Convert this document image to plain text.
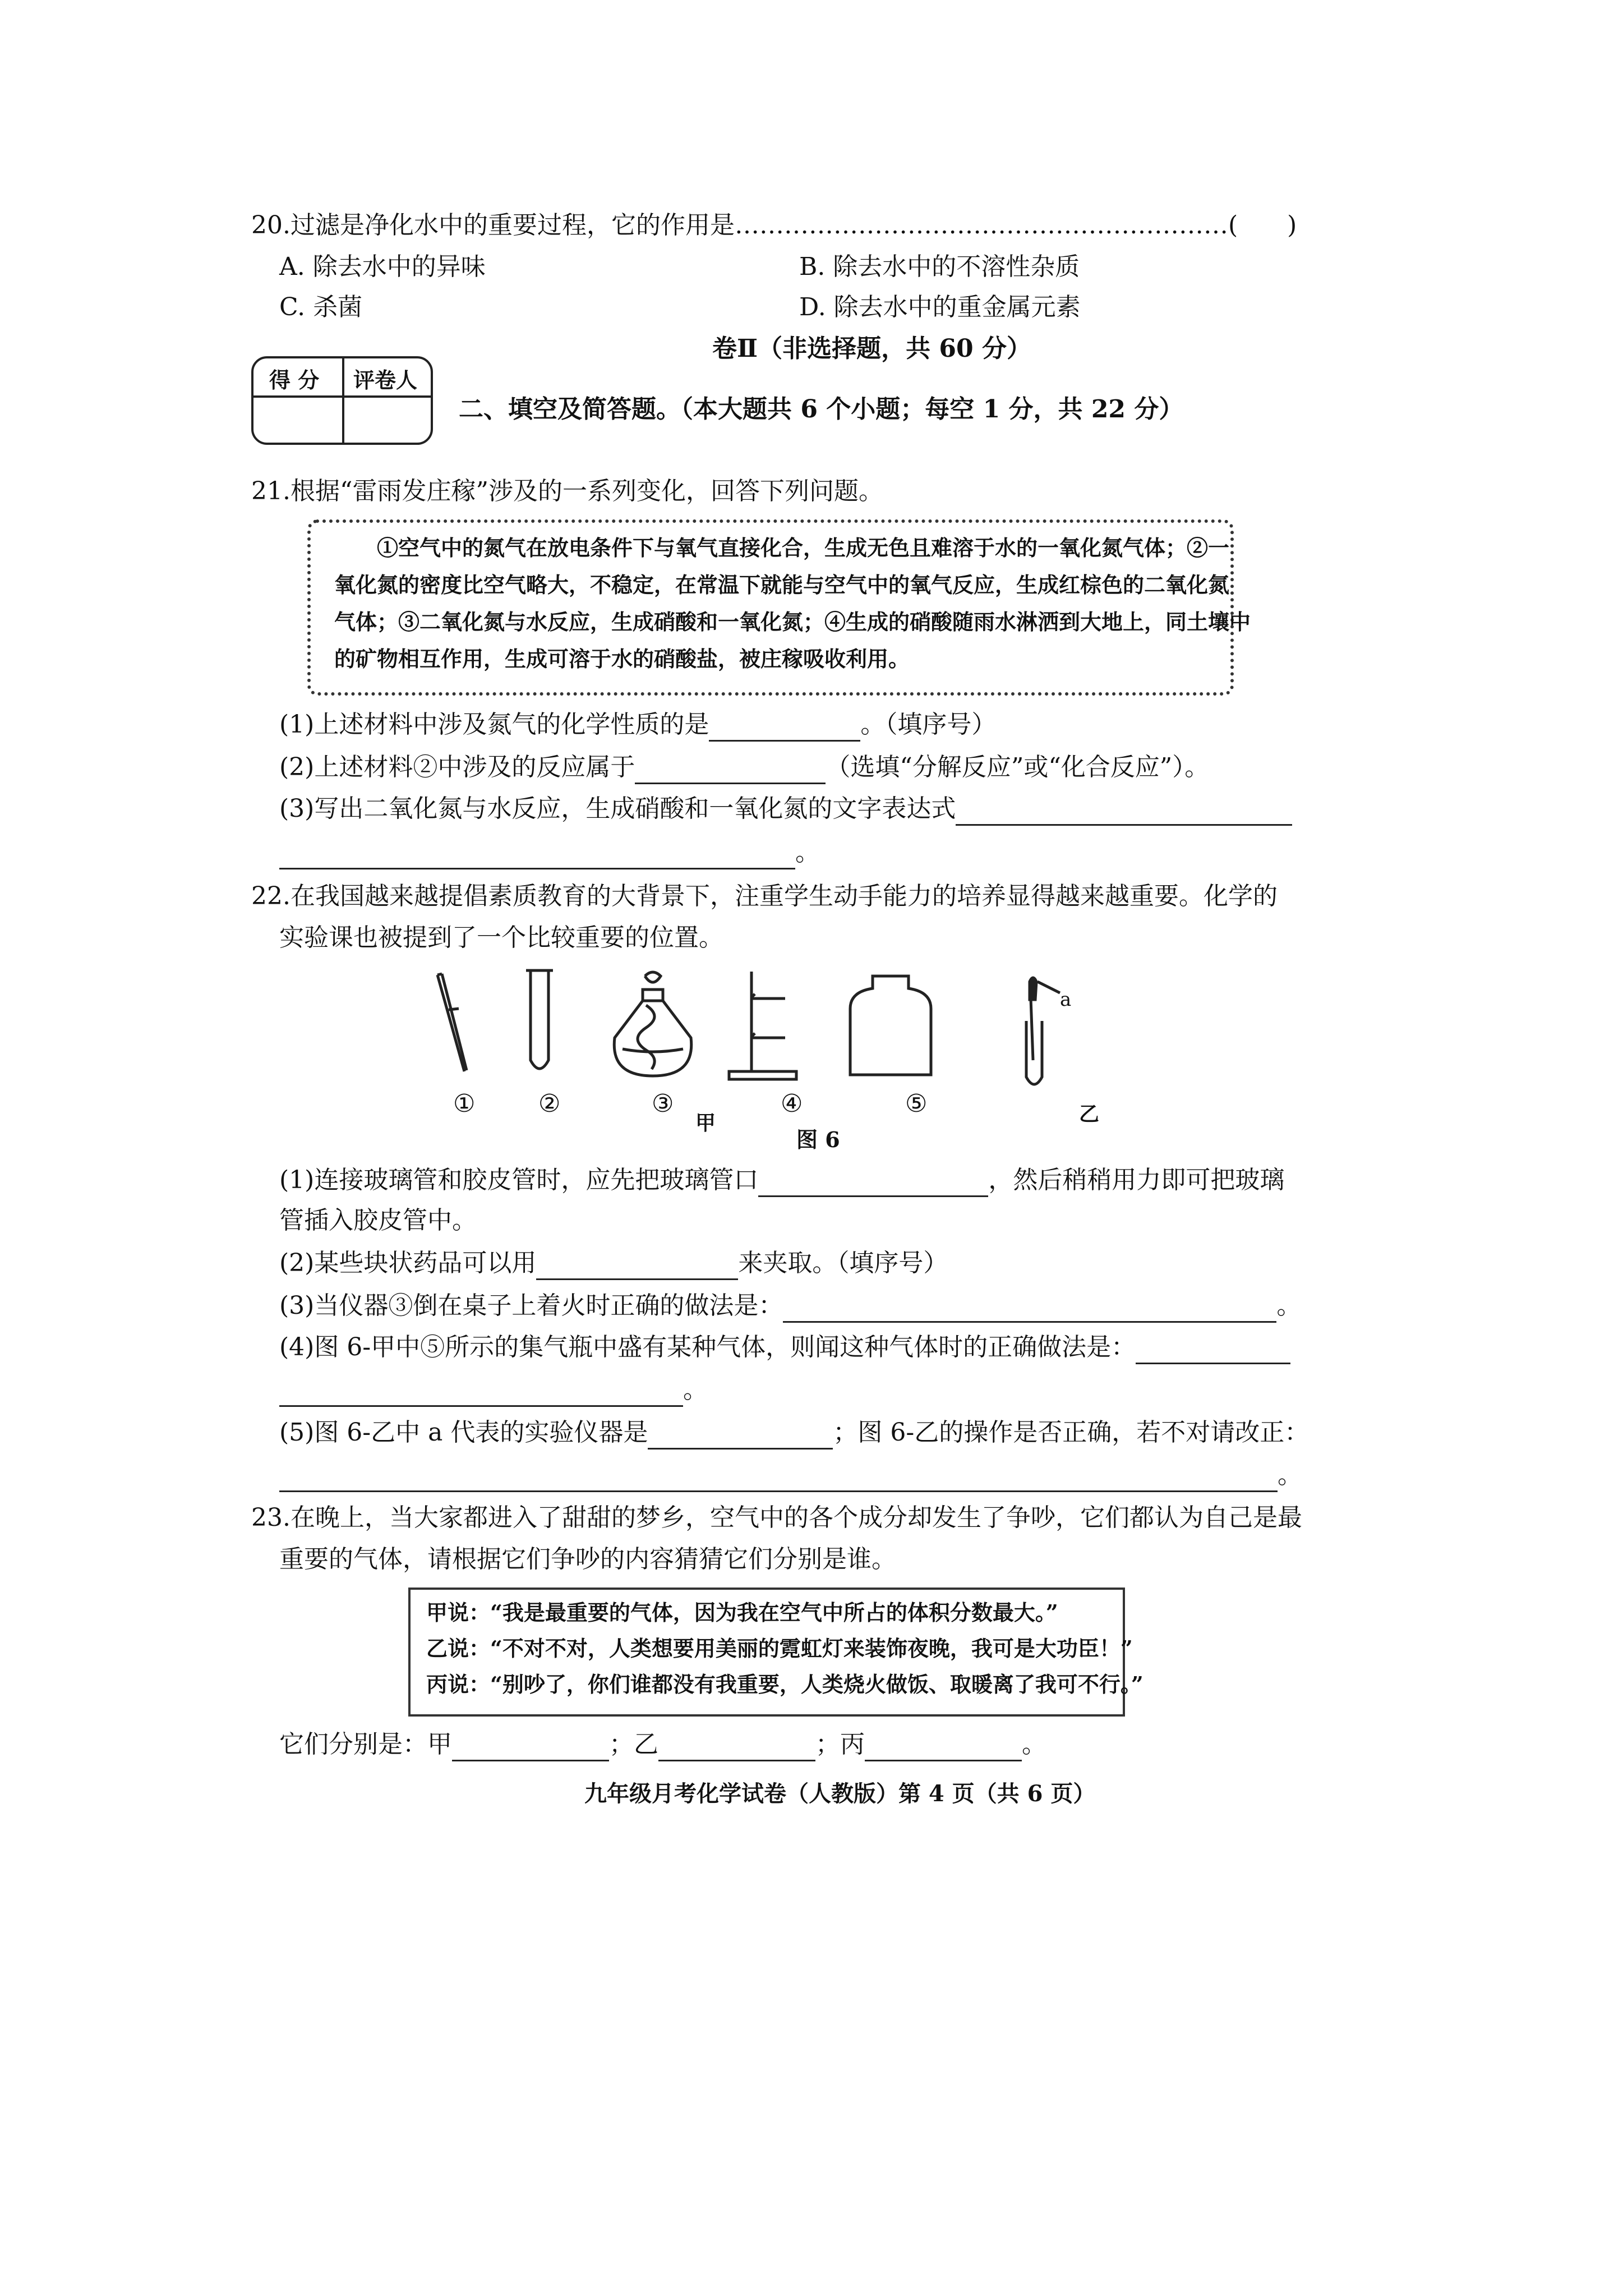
20.过滤是净化水中的重要过程，它的作用是……………………………………………………(　　)
A. 除去水中的异味	B. 除去水中的不溶性杂质
C. 杀菌	D. 除去水中的重金属元素
卷Ⅱ（非选择题，共 60 分）
得 分 评卷人
二、填空及简答题。（本大题共 6 个小题；每空 1 分，共 22 分）
21.根据“雷雨发庄稼”涉及的一系列变化，回答下列问题。
　　①空气中的氮气在放电条件下与氧气直接化合，生成无色且难溶于水的一氧化氮气体；②一
氧化氮的密度比空气略大，不稳定，在常温下就能与空气中的氧气反应，生成红棕色的二氧化氮
气体；③二氧化氮与水反应，生成硝酸和一氧化氮；④生成的硝酸随雨水淋洒到大地上，同土壤中
的矿物相互作用，生成可溶于水的硝酸盐，被庄稼吸收利用。
(1)上述材料中涉及氮气的化学性质的是	。（填序号）
(2)上述材料②中涉及的反应属于	（选填“分解反应”或“化合反应”）。
(3)写出二氧化氮与水反应，生成硝酸和一氧化氮的文字表达式
。
22.在我国越来越提倡素质教育的大背景下，注重学生动手能力的培养显得越来越重要。化学的
实验课也被提到了一个比较重要的位置。
a
①	②	③	④	⑤
甲	乙
图 6
(1)连接玻璃管和胶皮管时，应先把玻璃管口	，然后稍稍用力即可把玻璃
管插入胶皮管中。
(2)某些块状药品可以用	来夹取。（填序号）
(3)当仪器③倒在桌子上着火时正确的做法是：	。
(4)图 6-甲中⑤所示的集气瓶中盛有某种气体，则闻这种气体时的正确做法是：
。
(5)图 6-乙中 a 代表的实验仪器是	；图 6-乙的操作是否正确，若不对请改正：
。
23.在晚上，当大家都进入了甜甜的梦乡，空气中的各个成分却发生了争吵，它们都认为自己是最
重要的气体，请根据它们争吵的内容猜猜它们分别是谁。
甲说：“我是最重要的气体，因为我在空气中所占的体积分数最大。”
乙说：“不对不对，人类想要用美丽的霓虹灯来装饰夜晚，我可是大功臣！”
丙说：“别吵了，你们谁都没有我重要，人类烧火做饭、取暖离了我可不行。”
它们分别是：甲	；乙	；丙	。
九年级月考化学试卷（人教版）第 4 页（共 6 页）
